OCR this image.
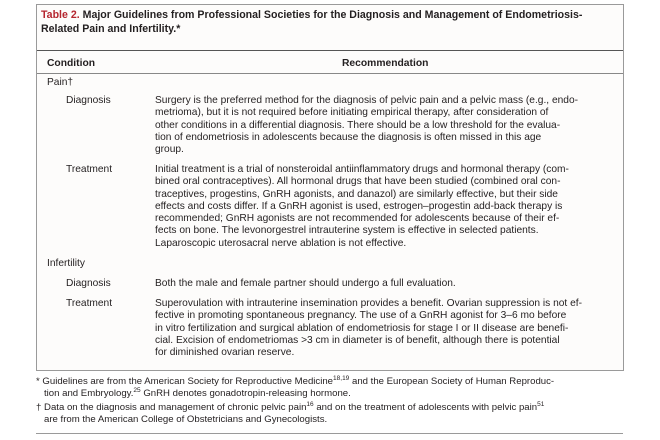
Table 2. Major Guidelines from Professional Societies for the Diagnosis and Management of Endometriosis-Related Pain and Infertility.*
Condition	Recommendation
Pain†
Diagnosis	Surgery is the preferred method for the diagnosis of pelvic pain and a pelvic mass (e.g., endo-
metrioma), but it is not required before initiating empirical therapy, after consideration of
other conditions in a differential diagnosis. There should be a low threshold for the evalua-
tion of endometriosis in adolescents because the diagnosis is often missed in this age
group.
Treatment	Initial treatment is a trial of nonsteroidal antiinflammatory drugs and hormonal therapy (com-
bined oral contraceptives). All hormonal drugs that have been studied (combined oral con-
traceptives, progestins, GnRH agonists, and danazol) are similarly effective, but their side
effects and costs differ. If a GnRH agonist is used, estrogen–progestin add-back therapy is
recommended; GnRH agonists are not recommended for adolescents because of their ef-
fects on bone. The levonorgestrel intrauterine system is effective in selected patients.
Laparoscopic uterosacral nerve ablation is not effective.
Infertility
Diagnosis	Both the male and female partner should undergo a full evaluation.
Treatment	Superovulation with intrauterine insemination provides a benefit. Ovarian suppression is not ef-
fective in promoting spontaneous pregnancy. The use of a GnRH agonist for 3–6 mo before
in vitro fertilization and surgical ablation of endometriosis for stage I or II disease are benefi-
cial. Excision of endometriomas >3 cm in diameter is of benefit, although there is potential
for diminished ovarian reserve.
* Guidelines are from the American Society for Reproductive Medicine$^{18,19}$ and the European Society of Human Reproduc-
tion and Embryology.$^{25}$ GnRH denotes gonadotropin-releasing hormone.
† Data on the diagnosis and management of chronic pelvic pain$^{16}$ and on the treatment of adolescents with pelvic pain$^{51}$
are from the American College of Obstetricians and Gynecologists.
